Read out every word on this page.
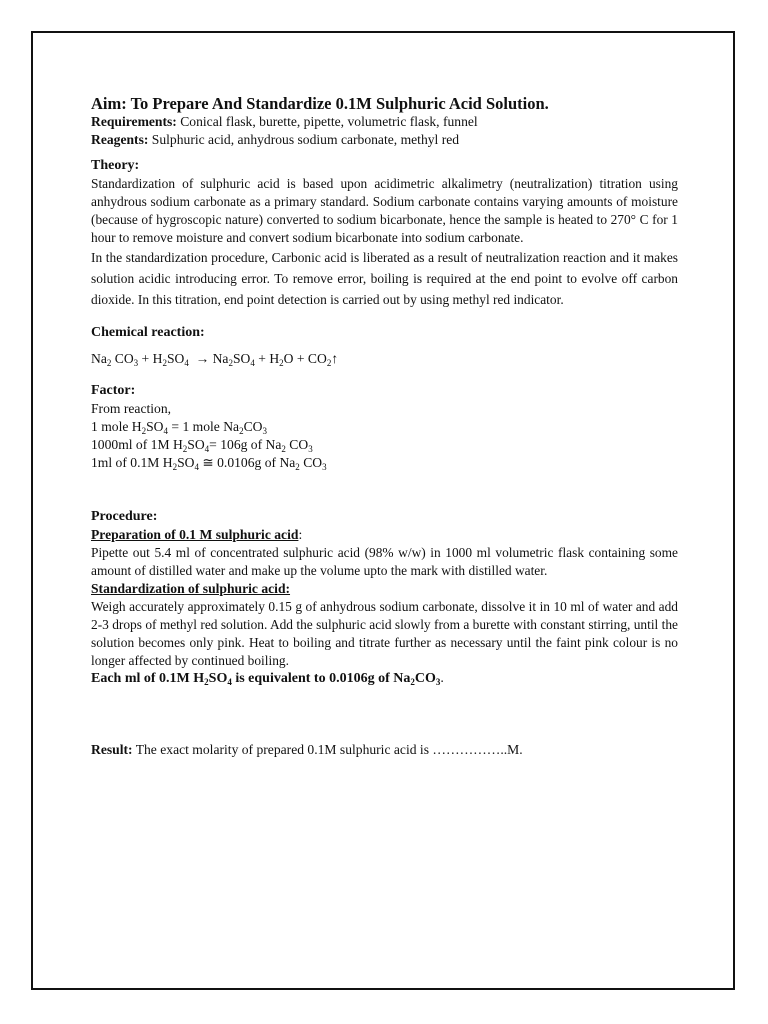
Aim: To Prepare And Standardize 0.1M Sulphuric Acid Solution.

Requirements: Conical flask, burette, pipette, volumetric flask, funnel

Reagents: Sulphuric acid, anhydrous sodium carbonate, methyl red

Theory:

Standardization of sulphuric acid is based upon acidimetric alkalimetry (neutralization) titration using anhydrous sodium carbonate as a primary standard. Sodium carbonate contains varying amounts of moisture (because of hygroscopic nature) converted to sodium bicarbonate, hence the sample is heated to 270° C for 1 hour to remove moisture and convert sodium bicarbonate into sodium carbonate.

In the standardization procedure, Carbonic acid is liberated as a result of neutralization reaction and it makes solution acidic introducing error. To remove error, boiling is required at the end point to evolve off carbon dioxide. In this titration, end point detection is carried out by using methyl red indicator.

Chemical reaction:

$Na_2$ $CO_3 + H_2SO_4 \to Na_2SO_4 + H_2O$ + $CO_2↑$

Factor:

From reaction,

1 mole $H_2SO_4 = 1$ mole $Na_2CO_3$

1000ml of 1M $H_2SO_4= 106g$ of $Na_2$ $CO_3$

1ml of 0.1M $H_2SO_4$ ≅ 0.0106g of $Na_2$ $CO_3$

Procedure:

Preparation of 0.1 M sulphuric acid:

Pipette out 5.4 ml of concentrated sulphuric acid (98% w/w) in 1000 ml volumetric flask containing some amount of distilled water and make up the volume upto the mark with distilled water.

Standardization of sulphuric acid:

Weigh accurately approximately 0.15 g of anhydrous sodium carbonate, dissolve it in 10 ml of water and add 2-3 drops of methyl red solution. Add the sulphuric acid slowly from a burette with constant stirring, until the solution becomes only pink. Heat to boiling and titrate further as necessary until the faint pink colour is no longer affected by continued boiling.

Each ml of 0.1M $H_2SO_4$ is equivalent to 0.0106g of $Na_2CO_3$.

Result: The exact molarity of prepared 0.1M sulphuric acid is ……………..M.
